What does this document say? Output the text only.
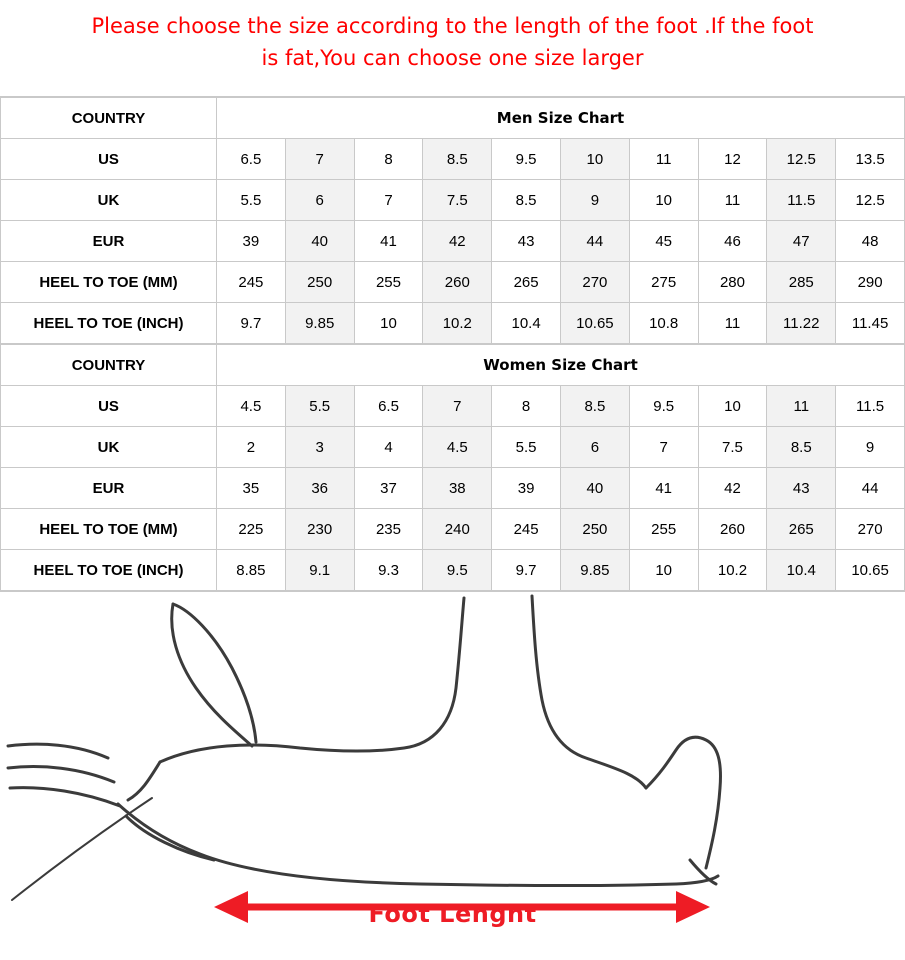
Please choose the size according to the length of the foot .If the foot
is fat,You can choose one size larger
COUNTRY	Men Size Chart									
US	6.5	7	8	8.5	9.5	10	11	12	12.5	13.5
UK	5.5	6	7	7.5	8.5	9	10	11	11.5	12.5
EUR	39	40	41	42	43	44	45	46	47	48
HEEL TO TOE (MM)	245	250	255	260	265	270	275	280	285	290
HEEL TO TOE (INCH)	9.7	9.85	10	10.2	10.4	10.65	10.8	11	11.22	11.45
COUNTRY	Women Size Chart									
US	4.5	5.5	6.5	7	8	8.5	9.5	10	11	11.5
UK	2	3	4	4.5	5.5	6	7	7.5	8.5	9
EUR	35	36	37	38	39	40	41	42	43	44
HEEL TO TOE (MM)	225	230	235	240	245	250	255	260	265	270
HEEL TO TOE (INCH)	8.85	9.1	9.3	9.5	9.7	9.85	10	10.2	10.4	10.65
Foot Lenght
